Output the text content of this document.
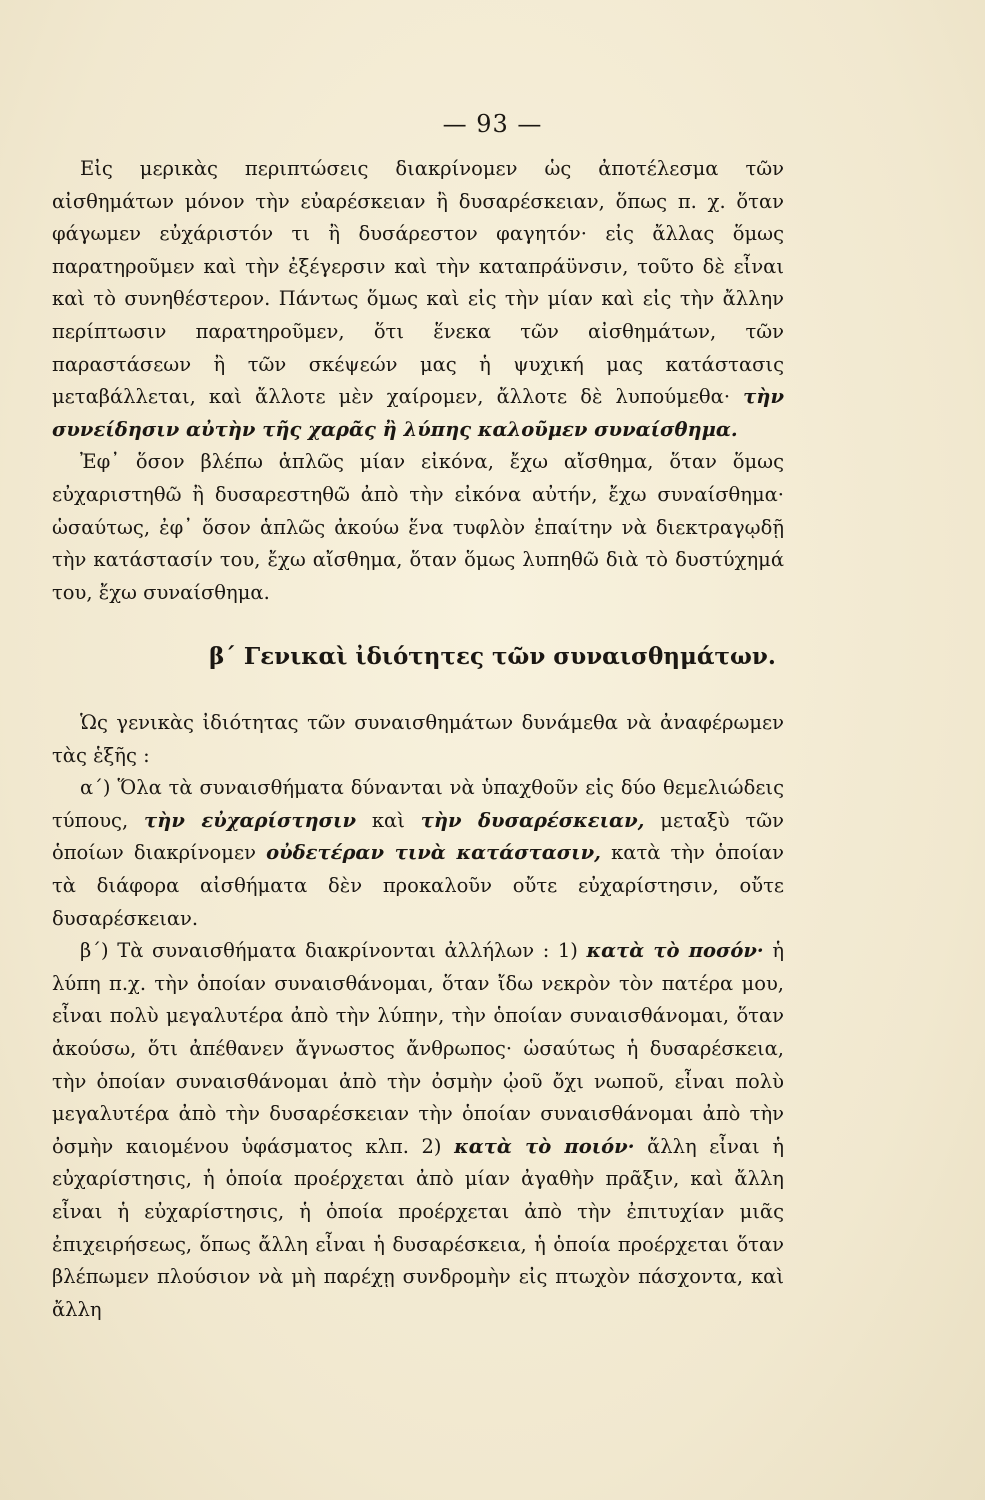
— 93 —

Εἰς μερικὰς περιπτώσεις διακρίνομεν ὡς ἀποτέλεσμα τῶν αἰσθημάτων μόνον τὴν εὐαρέσκειαν ἢ δυσαρέσκειαν, ὅπως π. χ. ὅταν φάγωμεν εὐχάριστόν τι ἢ δυσάρεστον φαγητόν· εἰς ἄλλας ὅμως παρατηροῦμεν καὶ τὴν ἐξέγερσιν καὶ τὴν καταπράϋνσιν, τοῦτο δὲ εἶναι καὶ τὸ συνηθέστερον. Πάντως ὅμως καὶ εἰς τὴν μίαν καὶ εἰς τὴν ἄλλην περίπτωσιν παρατηροῦμεν, ὅτι ἕνεκα τῶν αἰσθημάτων, τῶν παραστάσεων ἢ τῶν σκέψεών μας ἡ ψυχική μας κατάστασις μεταβάλλεται, καὶ ἄλλοτε μὲν χαίρομεν, ἄλλοτε δὲ λυπούμεθα· τὴν συνείδησιν αὐτὴν τῆς χαρᾶς ἢ λύπης καλοῦμεν συναίσθημα.

Ἐφ᾽ ὅσον βλέπω ἁπλῶς μίαν εἰκόνα, ἔχω αἴσθημα, ὅταν ὅμως εὐχαριστηθῶ ἢ δυσαρεστηθῶ ἀπὸ τὴν εἰκόνα αὐτήν, ἔχω συναίσθημα· ὡσαύτως, ἐφ᾽ ὅσον ἁπλῶς ἀκούω ἕνα τυφλὸν ἐπαίτην νὰ διεκτραγῳδῇ τὴν κατάστασίν του, ἔχω αἴσθημα, ὅταν ὅμως λυπηθῶ διὰ τὸ δυστύχημά του, ἔχω συναίσθημα.

β΄ Γενικαὶ ἰδιότητες τῶν συναισθημάτων.

Ὡς γενικὰς ἰδιότητας τῶν συναισθημάτων δυνάμεθα νὰ ἀναφέρωμεν τὰς ἑξῆς :

α΄) Ὅλα τὰ συναισθήματα δύνανται νὰ ὑπαχθοῦν εἰς δύο θεμελιώδεις τύπους, τὴν εὐχαρίστησιν καὶ τὴν δυσαρέσκειαν, μεταξὺ τῶν ὁποίων διακρίνομεν οὐδετέραν τινὰ κατάστασιν, κατὰ τὴν ὁποίαν τὰ διάφορα αἰσθήματα δὲν προκαλοῦν οὔτε εὐχαρίστησιν, οὔτε δυσαρέσκειαν.

β΄) Τὰ συναισθήματα διακρίνονται ἀλλήλων : 1) κατὰ τὸ ποσόν· ἡ λύπη π.χ. τὴν ὁποίαν συναισθάνομαι, ὅταν ἴδω νεκρὸν τὸν πατέρα μου, εἶναι πολὺ μεγαλυτέρα ἀπὸ τὴν λύπην, τὴν ὁποίαν συναισθάνομαι, ὅταν ἀκούσω, ὅτι ἀπέθανεν ἄγνωστος ἄνθρωπος· ὡσαύτως ἡ δυσαρέσκεια, τὴν ὁποίαν συναισθάνομαι ἀπὸ τὴν ὀσμὴν ᾠοῦ ὄχι νωποῦ, εἶναι πολὺ μεγαλυτέρα ἀπὸ τὴν δυσαρέσκειαν τὴν ὁποίαν συναισθάνομαι ἀπὸ τὴν ὀσμὴν καιομένου ὑφάσματος κλπ. 2) κατὰ τὸ ποιόν· ἄλλη εἶναι ἡ εὐχαρίστησις, ἡ ὁποία προέρχεται ἀπὸ μίαν ἀγαθὴν πρᾶξιν, καὶ ἄλλη εἶναι ἡ εὐχαρίστησις, ἡ ὁποία προέρχεται ἀπὸ τὴν ἐπιτυχίαν μιᾶς ἐπιχειρήσεως, ὅπως ἄλλη εἶναι ἡ δυσαρέσκεια, ἡ ὁποία προέρχεται ὅταν βλέπωμεν πλούσιον νὰ μὴ παρέχῃ συνδρομὴν εἰς πτωχὸν πάσχοντα, καὶ ἄλλη
